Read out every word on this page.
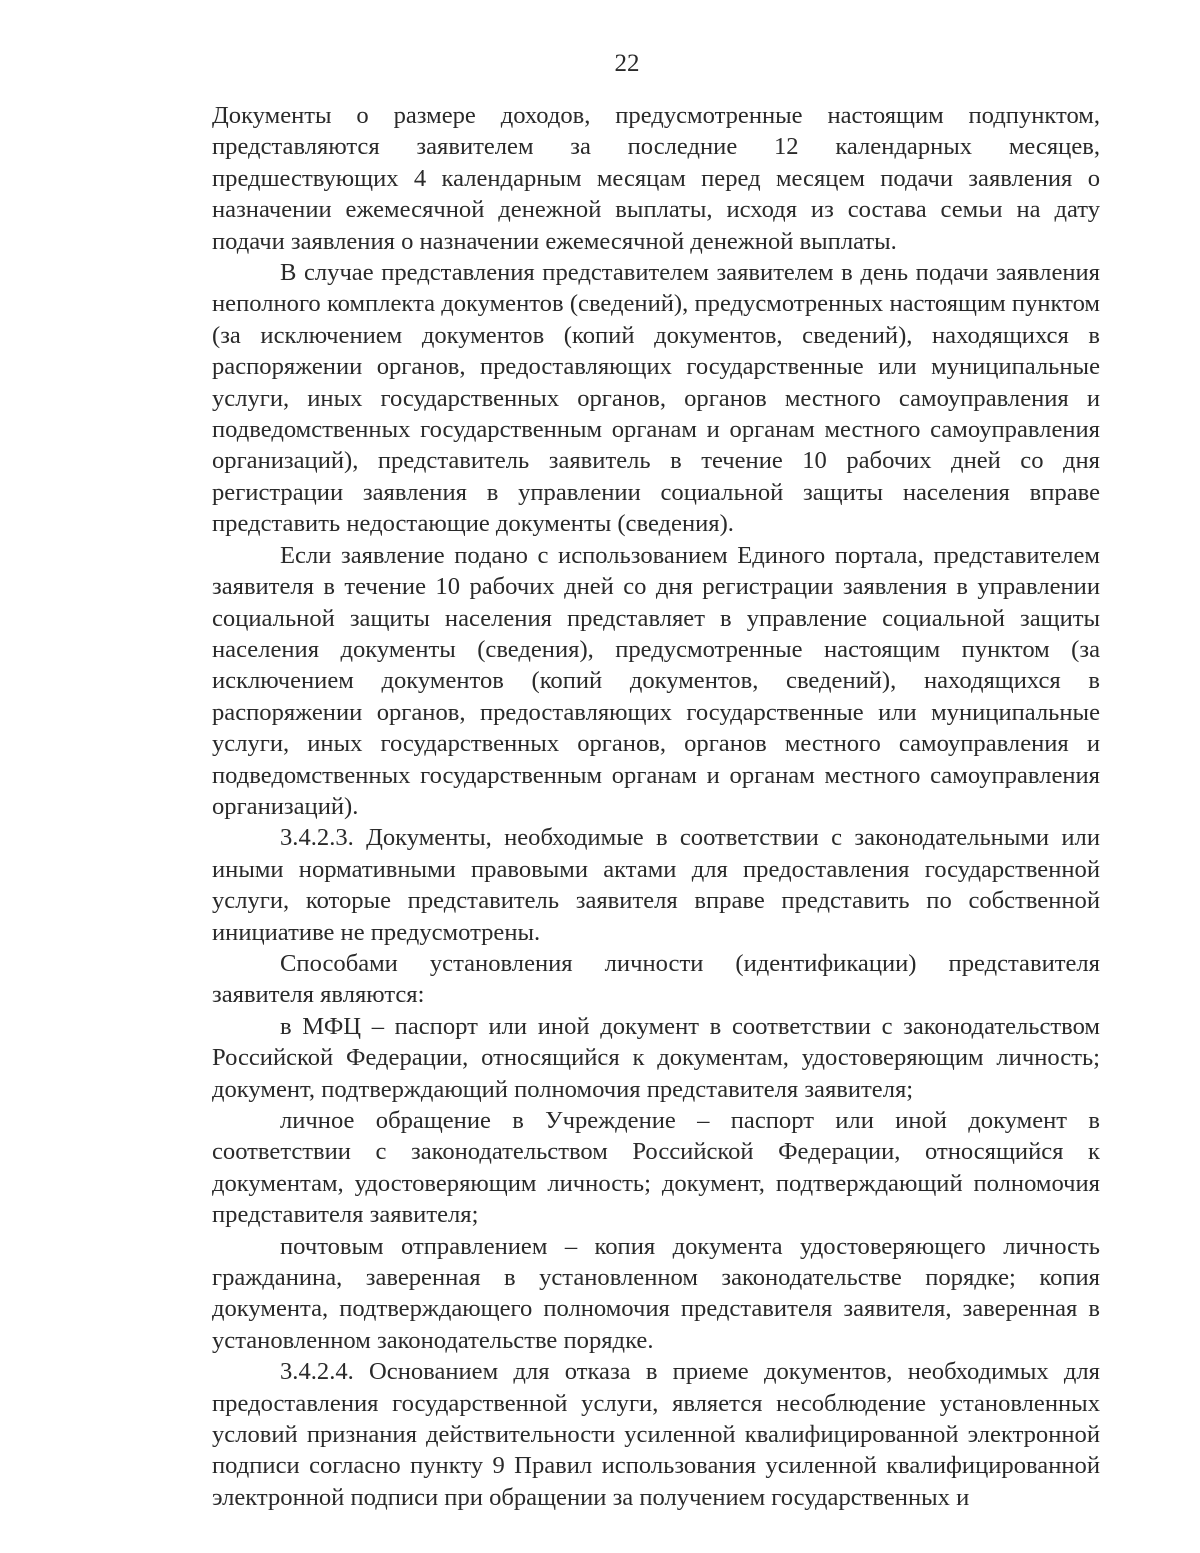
22

Документы о размере доходов, предусмотренные настоящим подпунктом, представляются заявителем за последние 12 календарных месяцев, предшествующих 4 календарным месяцам перед месяцем подачи заявления о назначении ежемесячной денежной выплаты, исходя из состава семьи на дату подачи заявления о назначении ежемесячной денежной выплаты.

В случае представления представителем заявителем в день подачи заявления неполного комплекта документов (сведений), предусмотренных настоящим пунктом (за исключением документов (копий документов, сведений), находящихся в распоряжении органов, предоставляющих государственные или муниципальные услуги, иных государственных органов, органов местного самоуправления и подведомственных государственным органам и органам местного самоуправления организаций), представитель заявитель в течение 10 рабочих дней со дня регистрации заявления в управлении социальной защиты населения вправе представить недостающие документы (сведения).

Если заявление подано с использованием Единого портала, представителем заявителя в течение 10 рабочих дней со дня регистрации заявления в управлении социальной защиты населения представляет в управление социальной защиты населения документы (сведения), предусмотренные настоящим пунктом (за исключением документов (копий документов, сведений), находящихся в распоряжении органов, предоставляющих государственные или муниципальные услуги, иных государственных органов, органов местного самоуправления и подведомственных государственным органам и органам местного самоуправления организаций).

3.4.2.3. Документы, необходимые в соответствии с законодательными или иными нормативными правовыми актами для предоставления государственной услуги, которые представитель заявителя вправе представить по собственной инициативе не предусмотрены.

Способами установления личности (идентификации) представителя заявителя являются:

в МФЦ – паспорт или иной документ в соответствии с законодательством Российской Федерации, относящийся к документам, удостоверяющим личность; документ, подтверждающий полномочия представителя заявителя;

личное обращение в Учреждение – паспорт или иной документ в соответствии с законодательством Российской Федерации, относящийся к документам, удостоверяющим личность; документ, подтверждающий полномочия представителя заявителя;

почтовым отправлением – копия документа удостоверяющего личность гражданина, заверенная в установленном законодательстве порядке; копия документа, подтверждающего полномочия представителя заявителя, заверенная в установленном законодательстве порядке.

3.4.2.4. Основанием для отказа в приеме документов, необходимых для предоставления государственной услуги, является несоблюдение установленных условий признания действительности усиленной квалифицированной электронной подписи согласно пункту 9 Правил использования усиленной квалифицированной электронной подписи при обращении за получением государственных и
